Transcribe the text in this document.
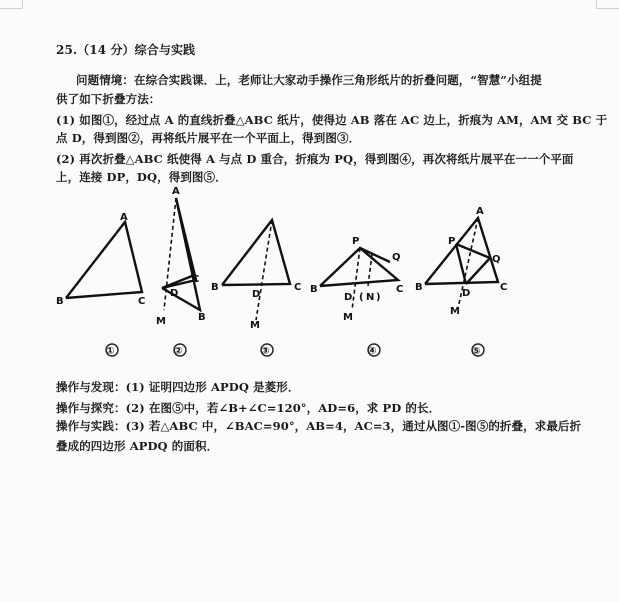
25.（14 分）综合与实践
问题情境：在综合实践课．上，老师让大家动手操作三角形纸片的折叠问题，“智慧”小组提
供了如下折叠方法：
(1) 如图①，经过点 A 的直线折叠△ABC 纸片，使得边 AB 落在 AC 边上，折痕为 AM，AM 交 BC 于
点 D，得到图②，再将纸片展平在一个平面上，得到图③．
(2) 再次折叠△ABC 纸使得 A 与点 D 重合，折痕为 PQ，得到图④，再次将纸片展平在一一个平面
上，连接 DP，DQ，得到图⑤．
A
B	C
①
A
C
D
B
M
②
B
D
C
M
③
P
Q
B
D ( N )
C
M
④
A
P
Q
B
D
C
M
⑤
操作与发现：(1) 证明四边形 APDQ 是菱形．
操作与探究：(2) 在图⑤中，若∠B+∠C=120°，AD=6，求 PD 的长．
操作与实践：(3) 若△ABC 中，∠BAC=90°，AB=4，AC=3，通过从图①-图⑤的折叠，求最后折
叠成的四边形 APDQ 的面积．
